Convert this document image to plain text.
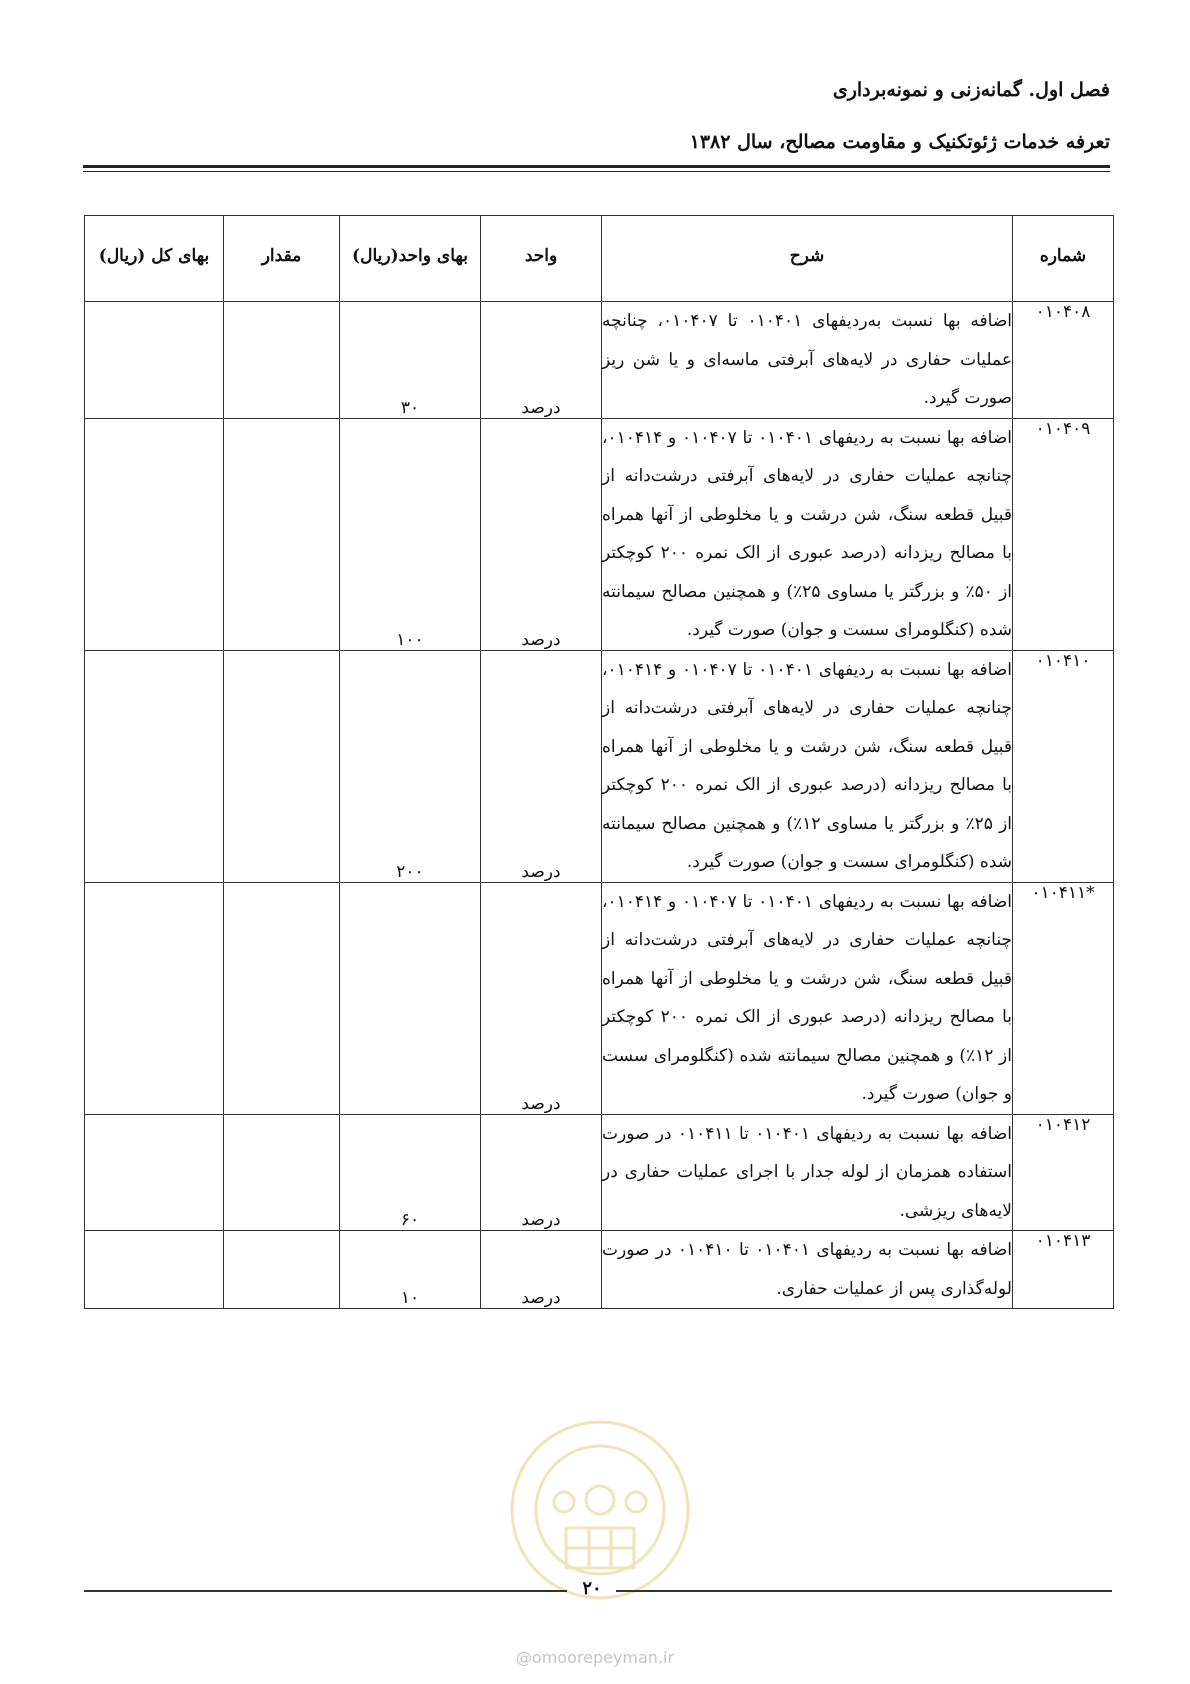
فصل اول. گمانه‌زنی و نمونه‌برداری

تعرفه خدمات ژئوتکنیک و مقاومت مصالح، سال ۱۳۸۲

شماره	شرح	واحد	بهای واحد(ریال)	مقدار	بهای کل (ریال)
۰۱۰۴۰۸	اضافه بها نسبت به‌ردیفهای ۰۱۰۴۰۱ تا ۰۱۰۴۰۷، چنانچه عملیات حفاری در لایه‌های آبرفتی ماسه‌ای و یا شن ریز صورت گیرد.	درصد	۳۰		
۰۱۰۴۰۹	اضافه بها نسبت به ردیفهای ۰۱۰۴۰۱ تا ۰۱۰۴۰۷ و ۰۱۰۴۱۴، چنانچه عملیات حفاری در لایه‌های آبرفتی درشت‌دانه از قبیل قطعه سنگ، شن درشت و یا مخلوطی از آنها همراه با مصالح ریزدانه (درصد عبوری از الک نمره ۲۰۰ کوچکتر از ۵۰٪ و بزرگتر یا مساوی ۲۵٪) و همچنین مصالح سیمانته شده (کنگلومرای سست و جوان) صورت گیرد.	درصد	۱۰۰		
۰۱۰۴۱۰	اضافه بها نسبت به ردیفهای ۰۱۰۴۰۱ تا ۰۱۰۴۰۷ و ۰۱۰۴۱۴، چنانچه عملیات حفاری در لایه‌های آبرفتی درشت‌دانه از قبیل قطعه سنگ، شن درشت و یا مخلوطی از آنها همراه با مصالح ریزدانه (درصد عبوری از الک نمره ۲۰۰ کوچکتر از ۲۵٪ و بزرگتر یا مساوی ۱۲٪) و همچنین مصالح سیمانته شده (کنگلومرای سست و جوان) صورت گیرد.	درصد	۲۰۰		
*۰۱۰۴۱۱	اضافه بها نسبت به ردیفهای ۰۱۰۴۰۱ تا ۰۱۰۴۰۷ و ۰۱۰۴۱۴، چنانچه عملیات حفاری در لایه‌های آبرفتی درشت‌دانه از قبیل قطعه سنگ، شن درشت و یا مخلوطی از آنها همراه با مصالح ریزدانه (درصد عبوری از الک نمره ۲۰۰ کوچکتر از ۱۲٪) و همچنین مصالح سیمانته شده (کنگلومرای سست و جوان) صورت گیرد.	درصد			
۰۱۰۴۱۲	اضافه بها نسبت به ردیفهای ۰۱۰۴۰۱ تا ۰۱۰۴۱۱ در صورت استفاده همزمان از لوله جدار با اجرای عملیات حفاری در لایه‌های ریزشی.	درصد	۶۰		
۰۱۰۴۱۳	اضافه بها نسبت به ردیفهای ۰۱۰۴۰۱ تا ۰۱۰۴۱۰ در صورت لوله‌گذاری پس از عملیات حفاری.	درصد	۱۰		
۲۰
@omoorepeyman.ir
